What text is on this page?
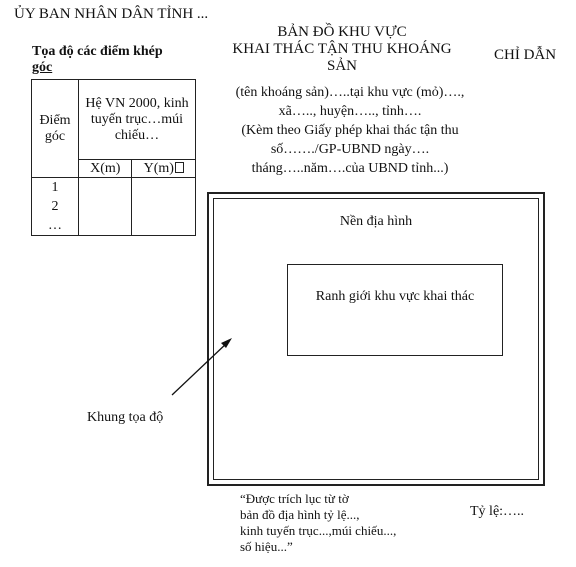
ỦY BAN NHÂN DÂN TỈNH ...
Tọa độ các điểm khép
góc
Điểm góc	Hệ VN 2000, kinh tuyến trục…múi chiếu…	
	X(m)	Y(m)

1
2
…		

BẢN ĐỒ KHU VỰC
KHAI THÁC TẬN THU KHOÁNG
SẢN
CHỈ DẪN
(tên khoáng sản)…..tại khu vực (mỏ)….,
xã….., huyện….., tỉnh….
(Kèm theo Giấy phép khai thác tận thu
số……./GP-UBND ngày….
tháng…..năm….của UBND tỉnh...)
Nền địa hình
Ranh giới khu vực khai thác
Khung tọa độ
“Được trích lục từ tờ
bản đồ địa hình tỷ lệ...,
kinh tuyến trục...,múi chiếu...,
số hiệu...”
Tỷ lệ:…..
